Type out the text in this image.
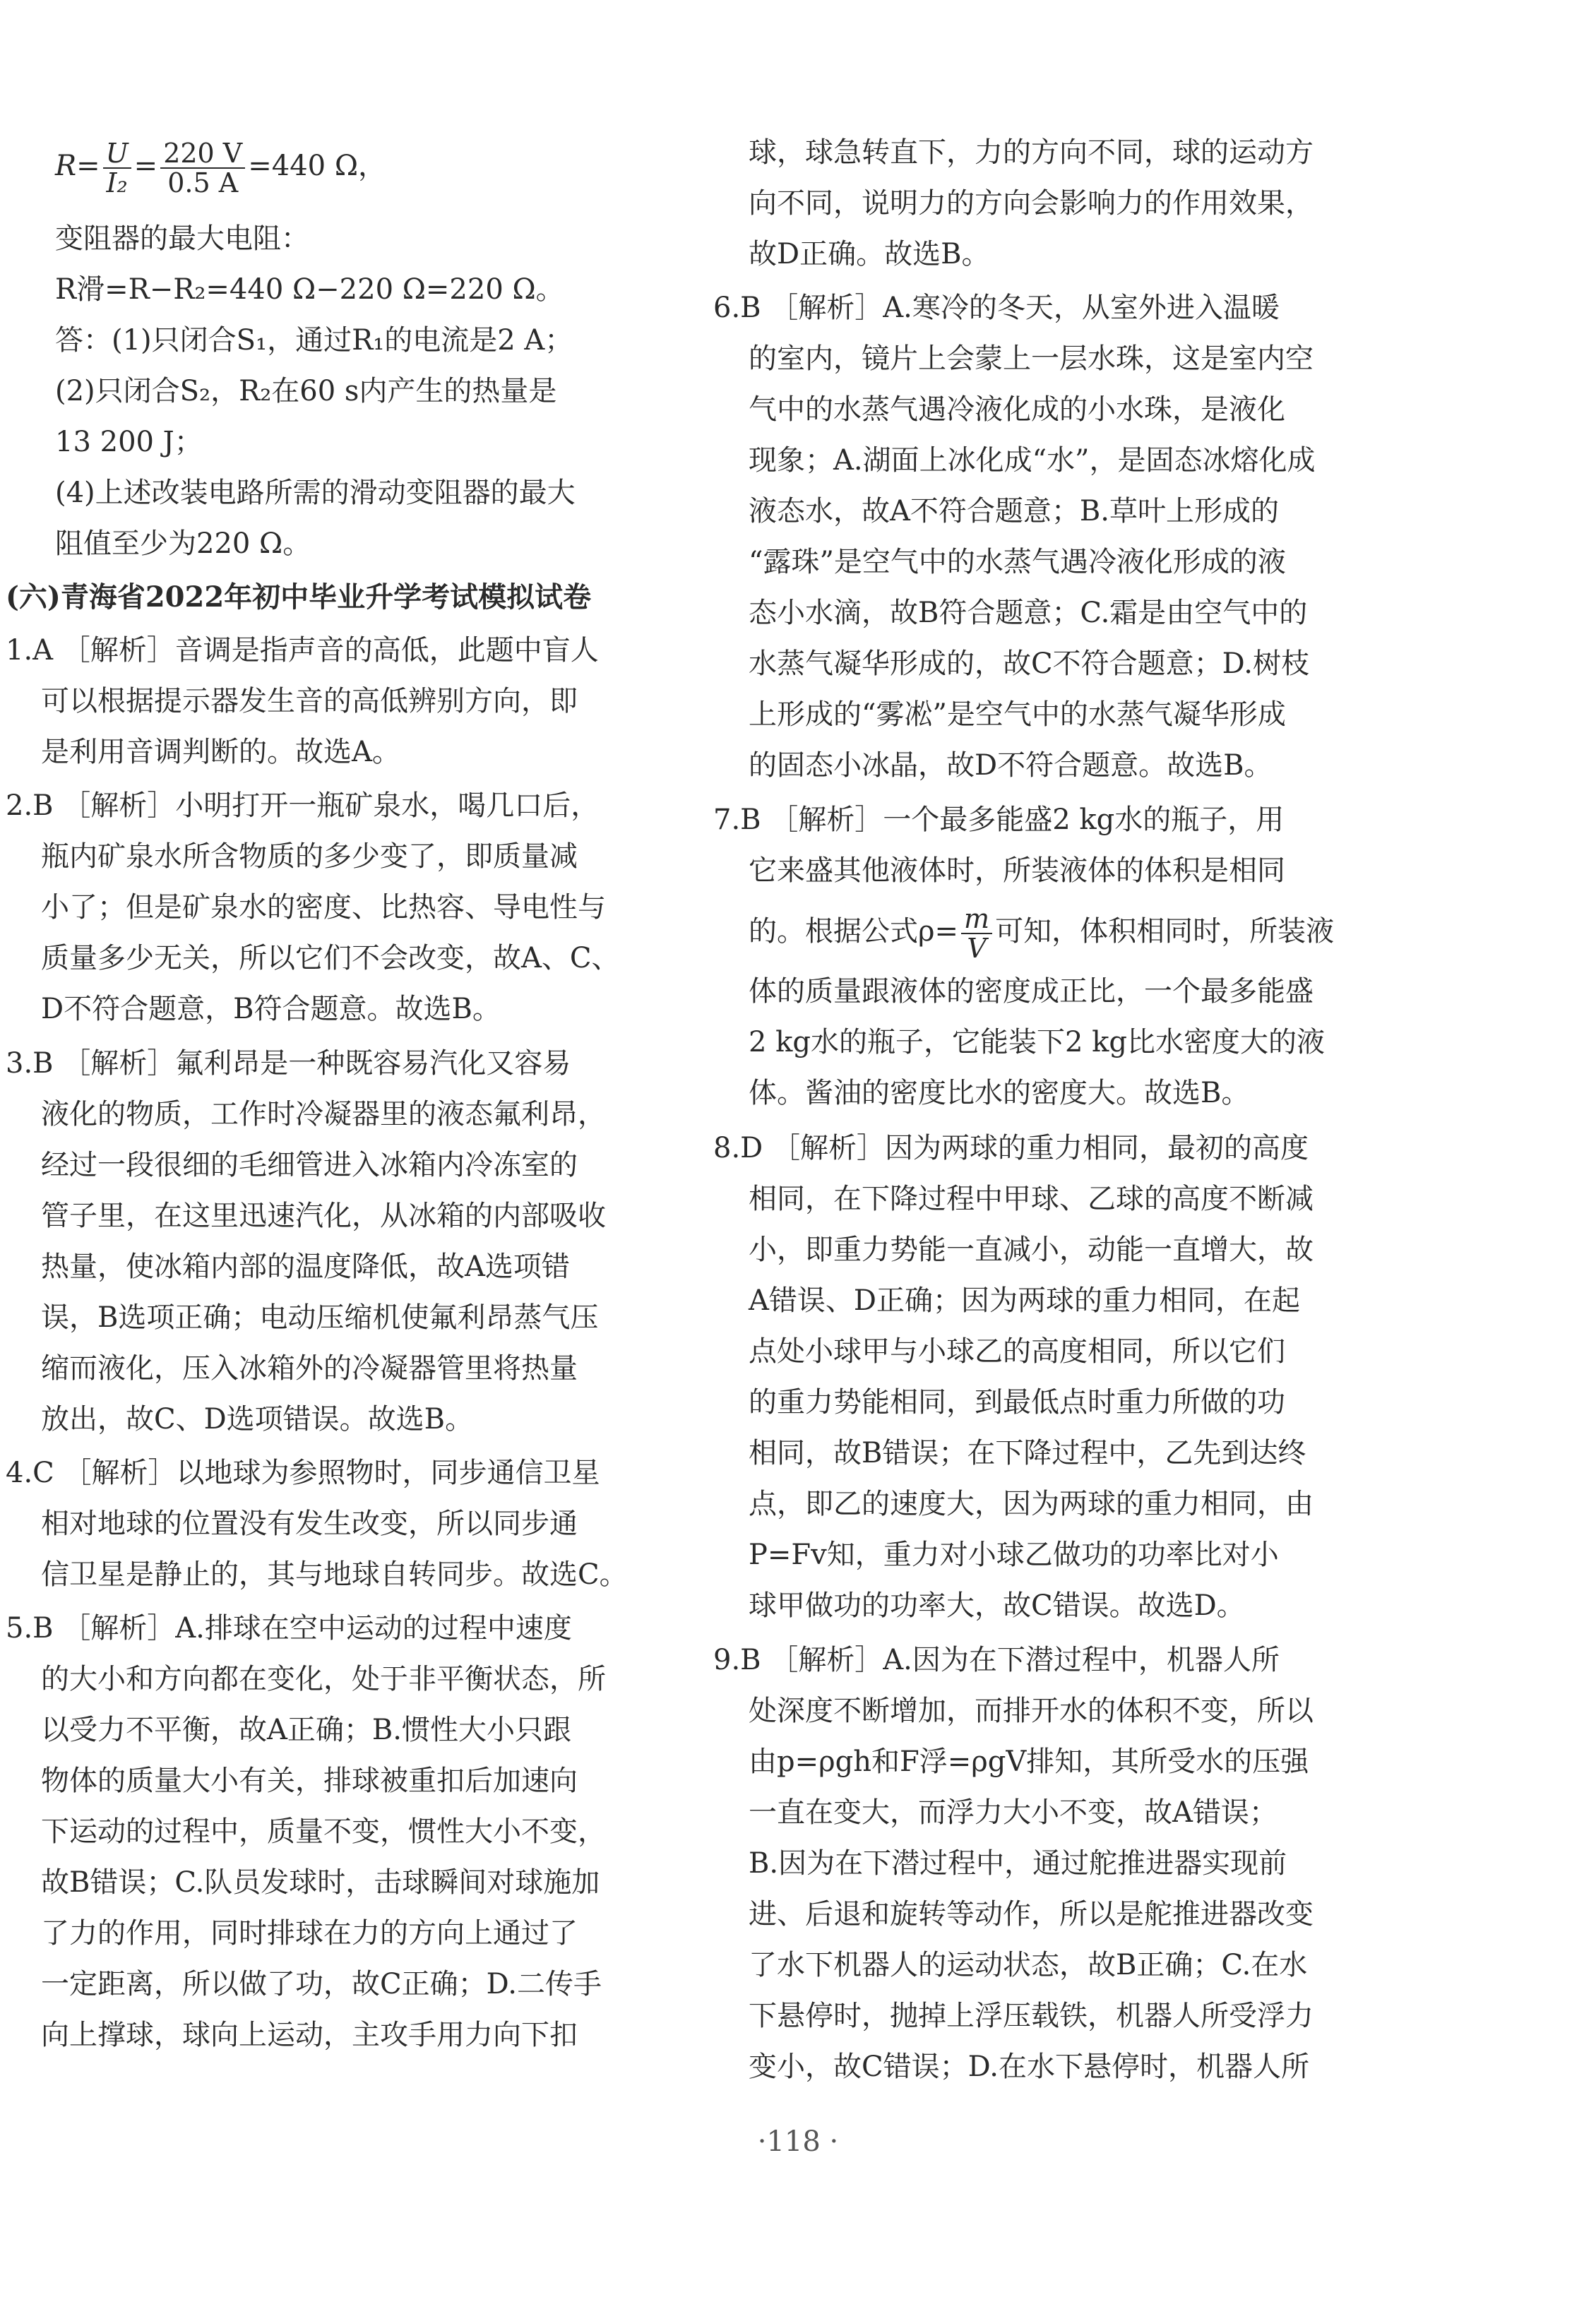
$R= \frac{U}{\text{I₂}} = \frac{220 V}{0.5 A} =440$ Ω，
变阻器的最大电阻：
R滑=R−R₂=440 Ω−220 Ω=220 Ω。
答：(1)只闭合S₁，通过R₁的电流是2 A；
(2)只闭合S₂，R₂在60 s内产生的热量是
13 200 J；
(4)上述改装电路所需的滑动变阻器的最大
阻值至少为220 Ω。
(六)青海省2022年初中毕业升学考试模拟试卷
1.A ［解析］音调是指声音的高低，此题中盲人
可以根据提示器发生音的高低辨别方向，即
是利用音调判断的。故选A。
2.B ［解析］小明打开一瓶矿泉水，喝几口后，
瓶内矿泉水所含物质的多少变了，即质量减
小了；但是矿泉水的密度、比热容、导电性与
质量多少无关，所以它们不会改变，故A、C、
D不符合题意，B符合题意。故选B。
3.B ［解析］氟利昂是一种既容易汽化又容易
液化的物质，工作时冷凝器里的液态氟利昂，
经过一段很细的毛细管进入冰箱内冷冻室的
管子里，在这里迅速汽化，从冰箱的内部吸收
热量，使冰箱内部的温度降低，故A选项错
误，B选项正确；电动压缩机使氟利昂蒸气压
缩而液化，压入冰箱外的冷凝器管里将热量
放出，故C、D选项错误。故选B。
4.C ［解析］以地球为参照物时，同步通信卫星
相对地球的位置没有发生改变，所以同步通
信卫星是静止的，其与地球自转同步。故选C。
5.B ［解析］A.排球在空中运动的过程中速度
的大小和方向都在变化，处于非平衡状态，所
以受力不平衡，故A正确；B.惯性大小只跟
物体的质量大小有关，排球被重扣后加速向
下运动的过程中，质量不变，惯性大小不变，
故B错误；C.队员发球时，击球瞬间对球施加
了力的作用，同时排球在力的方向上通过了
一定距离，所以做了功，故C正确；D.二传手
向上撑球，球向上运动，主攻手用力向下扣
球，球急转直下，力的方向不同，球的运动方
向不同，说明力的方向会影响力的作用效果，
故D正确。故选B。
6.B ［解析］A.寒冷的冬天，从室外进入温暖
的室内，镜片上会蒙上一层水珠，这是室内空
气中的水蒸气遇冷液化成的小水珠，是液化
现象；A.湖面上冰化成“水”，是固态冰熔化成
液态水，故A不符合题意；B.草叶上形成的
“露珠”是空气中的水蒸气遇冷液化形成的液
态小水滴，故B符合题意；C.霜是由空气中的
水蒸气凝华形成的，故C不符合题意；D.树枝
上形成的“雾凇”是空气中的水蒸气凝华形成
的固态小冰晶，故D不符合题意。故选B。
7.B ［解析］一个最多能盛2 kg水的瓶子，用
它来盛其他液体时，所装液体的体积是相同
的。根据公式$\rho= \frac{m}{V}$ 可知，体积相同时，所装液
体的质量跟液体的密度成正比，一个最多能盛
2 kg水的瓶子，它能装下2 kg比水密度大的液
体。酱油的密度比水的密度大。故选B。
8.D ［解析］因为两球的重力相同，最初的高度
相同，在下降过程中甲球、乙球的高度不断减
小，即重力势能一直减小，动能一直增大，故
A错误、D正确；因为两球的重力相同，在起
点处小球甲与小球乙的高度相同，所以它们
的重力势能相同，到最低点时重力所做的功
相同，故B错误；在下降过程中，乙先到达终
点，即乙的速度大，因为两球的重力相同，由
P=Fv知，重力对小球乙做功的功率比对小
球甲做功的功率大，故C错误。故选D。
9.B ［解析］A.因为在下潜过程中，机器人所
处深度不断增加，而排开水的体积不变，所以
由p=ρgh和F浮=ρgV排知，其所受水的压强
一直在变大，而浮力大小不变，故A错误；
B.因为在下潜过程中，通过舵推进器实现前
进、后退和旋转等动作，所以是舵推进器改变
了水下机器人的运动状态，故B正确；C.在水
下悬停时，抛掉上浮压载铁，机器人所受浮力
变小，故C错误；D.在水下悬停时，机器人所
·118 ·
